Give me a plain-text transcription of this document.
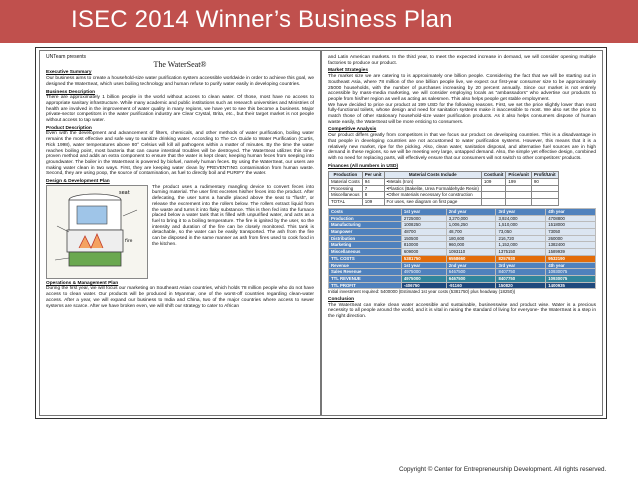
ISEC 2014 Winner’s Business Plan
UNTeam presents
The WaterSeat®
Executive Summary
Our business aims to create a household-size water purification system accessible worldwide in order to achieve this goal, we designed the WaterSeat, which uses boiling technology and human refuse to purify water easily in developing countries.
Business Description
There are approximately 1 billion people in the world without access to clean water. Of those, most have no access to appropriate sanitary infrastructure. While many academic and public institutions such as research universities and Ministries of health are involved in the improvement of water quality in many regions, we have yet to see this become a business. Major private-sector competitors in the water purification industry are Clear Crystal, Brita, etc., but their target market is not people without access to tap water.
Product Description
Even with the development and advancement of filters, chemicals, and other methods of water purification, boiling water remains the most effective and safe way to sanitize drinking water. According to The CA Guide to Water Purification (Curtis, Rick 1998), water temperatures above 80° Celsius will kill all pathogens within a matter of minutes. By the time the water reaches boiling point, most bacteria that can cause intestinal troubles will be destroyed. The WaterSeat utilizes this time-proven method and adds an extra component to ensure that the water is kept clean; keeping human feces from seeping into groundwater. The boiler in the WaterSeat is powered by biofuel, namely human feces. By using the WaterSeat, our users are making water clean in two ways. First, they are keeping water clean by PREVENTING contamination from human waste. Second, they are using poop, the source of contamination, as fuel to directly boil and PURIFY the water.
Design & Development Plan
seat
fire
The product uses a rudimentary mangling device to convert feces into burning material. The user first excretes his/her feces into the product. After defecating, the user turns a handle placed above the seat to “flush”, or release the excrement into the rollers below. The rollers extract liquid from the waste and turns it into flaky substance. This is then fed into the furnace placed below a water tank that is filled with unpurified water, and acts as a fuel to bring it to a boiling temperature. The fire is ignited by the user, so the intensity and duration of the fire can be closely monitored. This tank is detachable, so the water can be easily transported. The ash from the fire can be disposed in the same manner as ash from fires used to cook food in the kitchen.
Operations & Management Plan
During the first year, we will focus our marketing on Southeast Asian countries, which holds 78 million people who do not have access to clean water. Our products will be produced in Myanmar, one of the worst-off countries regarding clean-water access. After a year, we will expand our business to India and China, two of the major countries where access to sewer systems are scarce. After we have broken even, we will shift our strategy to cater to African
and Latin American markets. In the third year, to meet the expected increase in demand, we will consider opening multiple factories to produce our product.
Market Strategies
The market size we are catering to is approximately one billion people. Considering the fact that we will be starting out in Southeast Asia, where 78 million of the one billion people live, we expect our first-year consumer size to be approximately 25000 households, with the number of purchases increasing by 20 percent annually. Since our market is not entirely accessible by mass-media marketing, we will consider employing locals as “ambassadors” who advertise our products to people from his/her region as well as acting as salesmen. This also helps people get stable employment.
We have decided to price our product at 199 USD for the following reasons. First, we set the price slightly lower than most fully-functional toilets, whose design and need for sanitation systems make it inaccessible to most. We also set the price to match those of other stationary household-size water purification products. As it also helps consumers dispose of human waste easily, the WaterSeat will be more enticing to consumers.
Competitive Analysis
Our product differs greatly from competitors in that we focus our product on developing countries. This is a disadvantage in that people in developing countries are not accustomed to water purification systems. However, this means that it is a relatively new market, ripe for the picking. Also, clean water, sanitation disposal, and alternative fuel sources are in high demand in these regions, so we will be meeting very large, untapped demand. Also, the simple yet effective design, combined with no need for replacing parts, will effectively ensure that our consumers will not switch to other competitors’ products.
Finances (All numbers in USD)
Production	Per unit	Material Costs Include	Cost/unit	Price/unit	Profit/Unit
Material Costs	94	•Metals (Iron)	109	199	90
Processing	7	•Plastics (Bakelite, Urea Formaldehyde Resin)			
Miscellaneous	8	•Other materials necessary for construction			
TOTAL	109	For uses, see diagram on first page			
Costs	1st year	2nd year	3rd year	4th year
Production	2725000	3,270,000	3,924,000	4708800
Manufacturing	1008250	1,006,250	1,510,000	1518000
Manpower	48700	48,700	73,050	73050
Distribution	150500	180,600	216,720	260000
Marketing	810000	960,000	1,152,000	1382400
Miscellaneous	609000	1093110	1375150	1589939
TTL COSTS	5381750	6558660	8257930	9532190
Revenue	1st year	2nd year	3rd year	4th year
Sales Revenue	4975000	6467500	8407750	10930075
TTL REVENUE	4975000	6467500	8407750	10930075
TTL PROFIT	-406750	-91160	150820	1400935
Initial investment required: 5400000 (Estimated 1st year costs (5381750) plus headway (18250))
Conclusion
The WaterSeat can make clean water accessible and sustainable, businesswise and product wise. Water is a precious necessity to all people around the world, and it is vital in raising the standard of living for everyone- the WaterSeat is a step in the right direction.
Copyright © Center for Entrepreneurship Development. All rights reserved.
